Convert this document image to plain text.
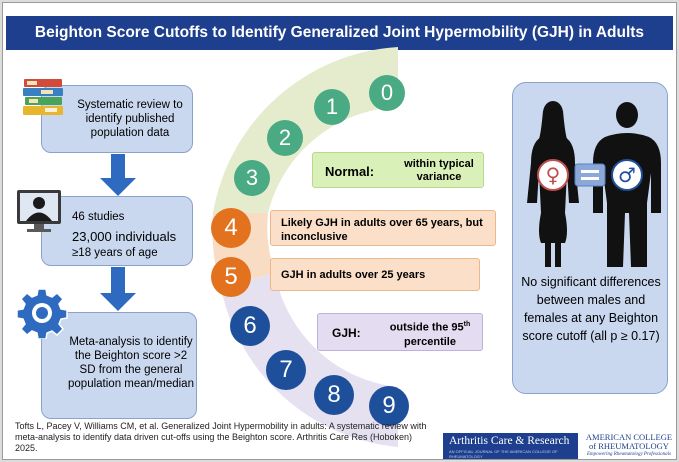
Beighton Score Cutoffs to Identify Generalized Joint Hypermobility (GJH) in Adults
Systematic review to identify published population data
46 studies
23,000 individuals
≥18 years of age
Meta-analysis to identify the Beighton score >2 SD from the general population mean/median
0
1
2
3
4
5
6
7
8	9
Normal:	within typical variance
Likely GJH in adults over 65 years, but inconclusive
GJH in adults over 25 years
GJH:	outside the 95th percentile
♀	♂
No significant differences between males and females at any Beighton score cutoff (all p ≥ 0.17)
Tofts L, Pacey V, Williams CM, et al. Generalized Joint Hypermobility in adults: A systematic review with meta-analysis to identify data driven cut-offs using the Beighton score. Arthritis Care Res (Hoboken) 2025.
Arthritis Care & Research
AN OFFICIAL JOURNAL OF THE AMERICAN COLLEGE OF RHEUMATOLOGY
AMERICAN COLLEGE
of RHEUMATOLOGY
Empowering Rheumatology Professionals
